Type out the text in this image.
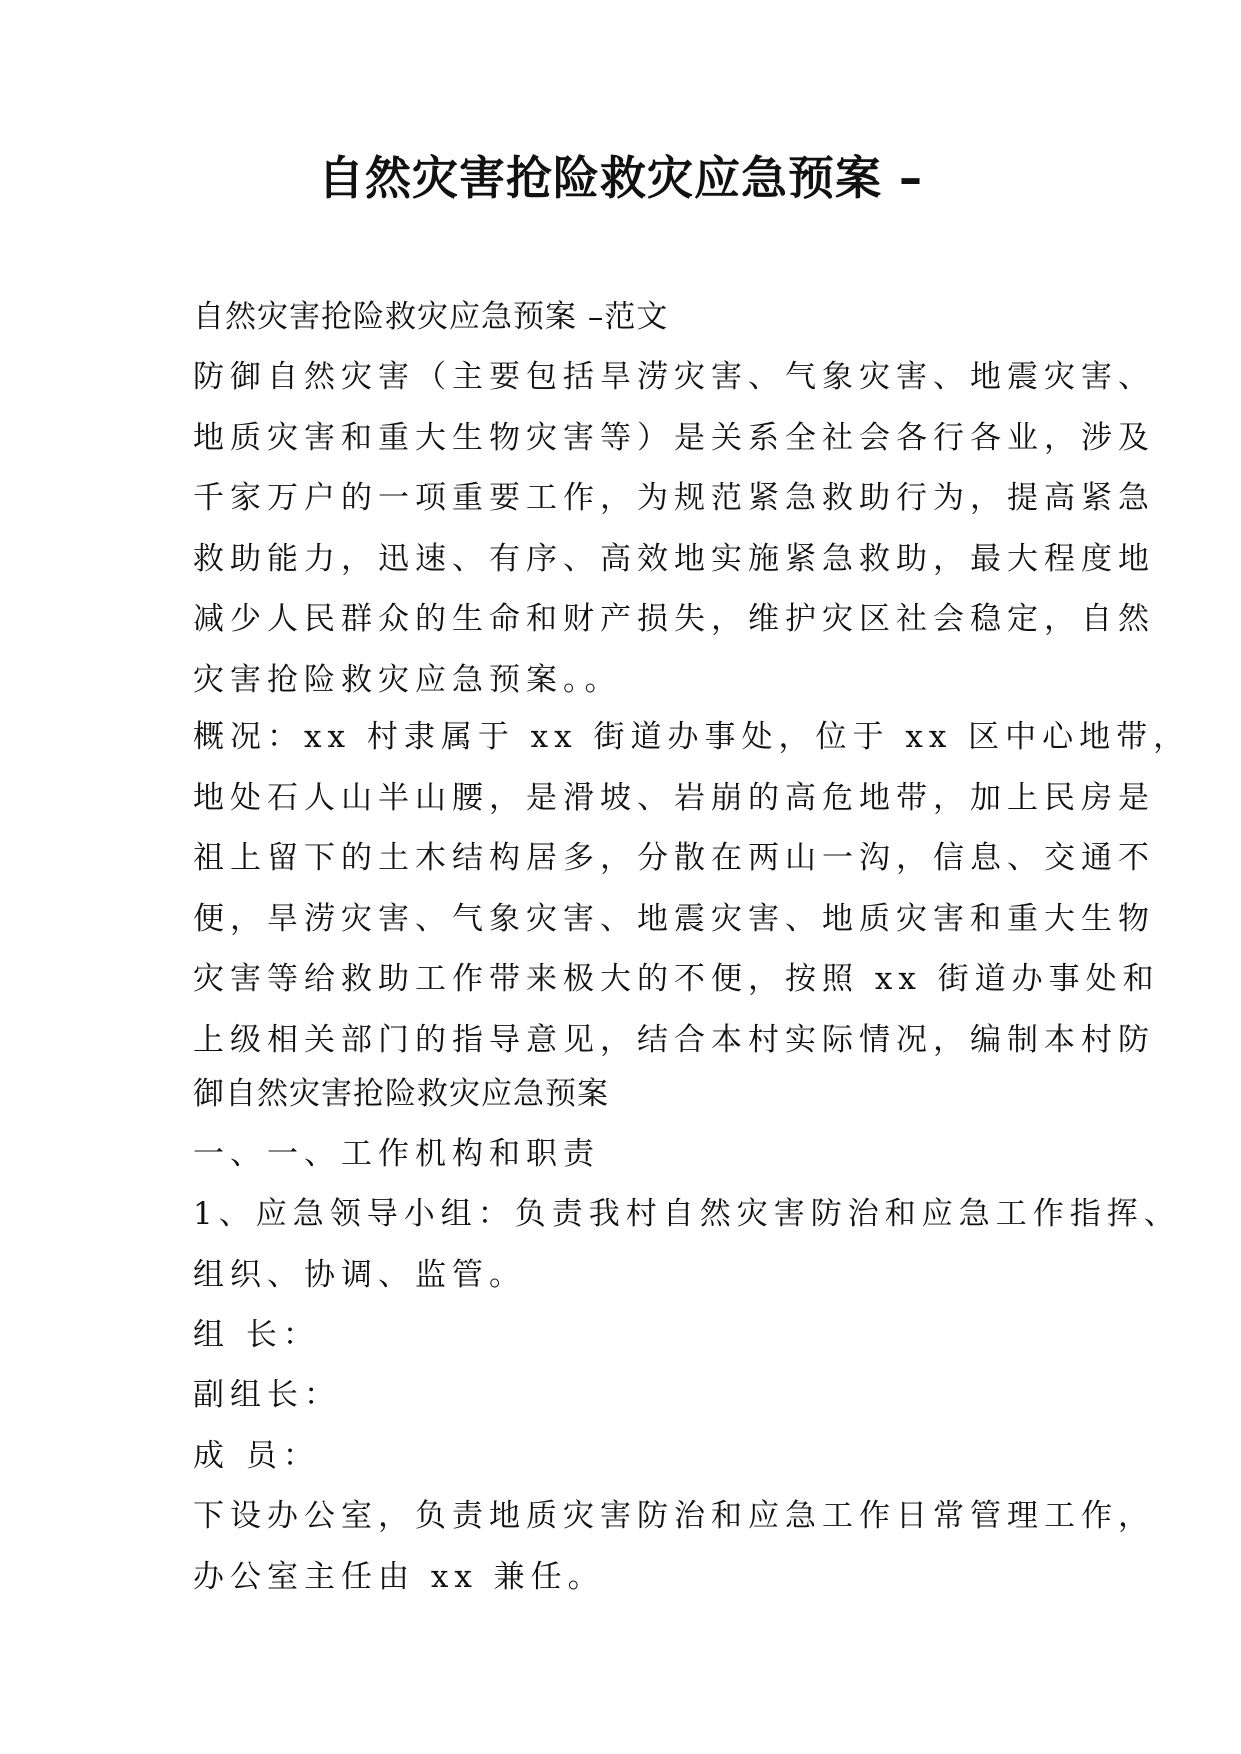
自然灾害抢险救灾应急预案 –
自然灾害抢险救灾应急预案 –范文
防御自然灾害（主要包括旱涝灾害、气象灾害、地震灾害、
地质灾害和重大生物灾害等）是关系全社会各行各业，涉及
千家万户的一项重要工作，为规范紧急救助行为，提高紧急
救助能力，迅速、有序、高效地实施紧急救助，最大程度地
减少人民群众的生命和财产损失，维护灾区社会稳定，自然
灾害抢险救灾应急预案。。
概况：xx 村隶属于 xx 街道办事处，位于 xx 区中心地带，
地处石人山半山腰，是滑坡、岩崩的高危地带，加上民房是
祖上留下的土木结构居多，分散在两山一沟，信息、交通不
便，旱涝灾害、气象灾害、地震灾害、地质灾害和重大生物
灾害等给救助工作带来极大的不便，按照 xx 街道办事处和
上级相关部门的指导意见，结合本村实际情况，编制本村防
御自然灾害抢险救灾应急预案
一、一、工作机构和职责
1、应急领导小组：负责我村自然灾害防治和应急工作指挥、
组织、协调、监管。
组 长：
副组长：
成 员：
下设办公室，负责地质灾害防治和应急工作日常管理工作，
办公室主任由 xx 兼任。
